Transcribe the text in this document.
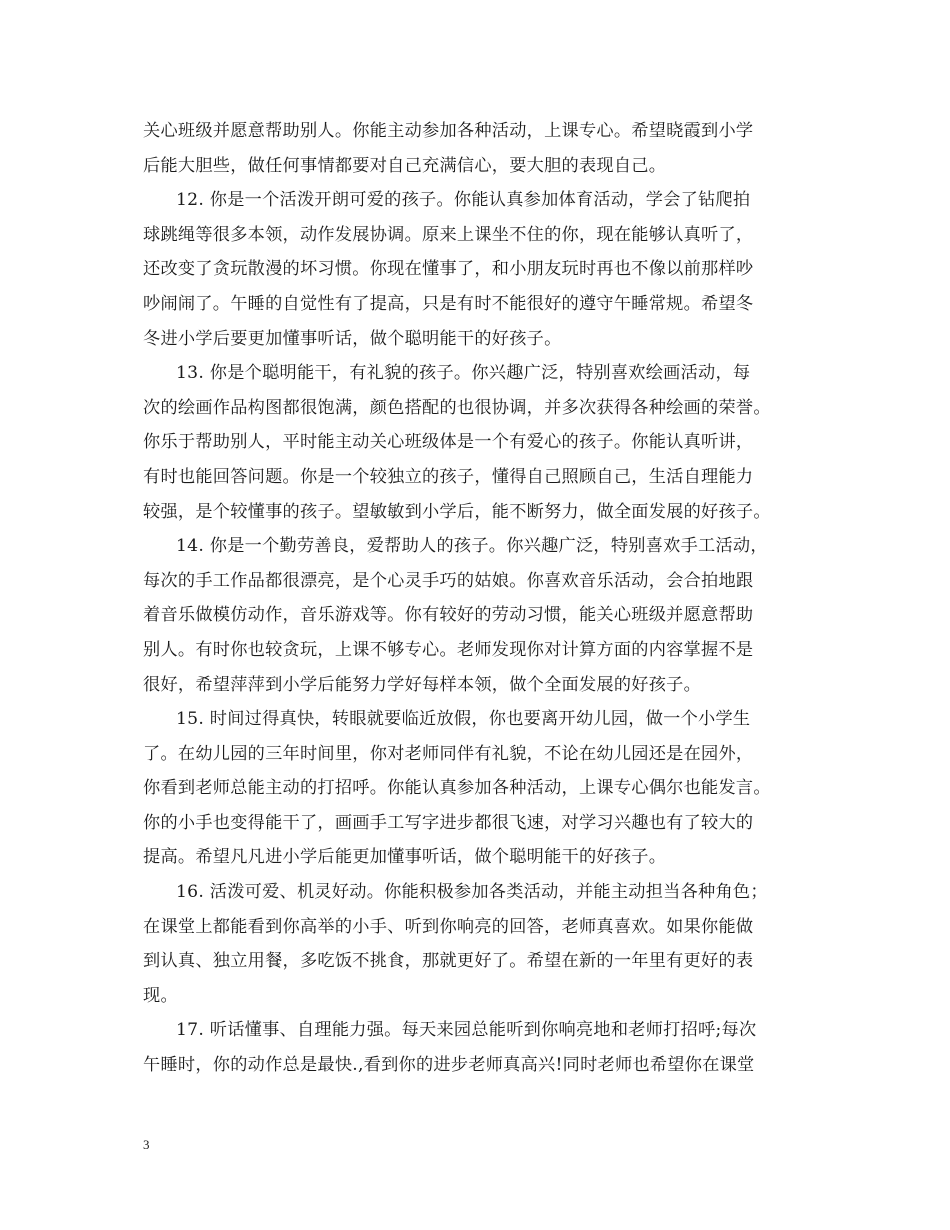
关心班级并愿意帮助别人。你能主动参加各种活动，上课专心。希望晓霞到小学
后能大胆些，做任何事情都要对自己充满信心，要大胆的表现自己。
12. 你是一个活泼开朗可爱的孩子。你能认真参加体育活动，学会了钻爬拍
球跳绳等很多本领，动作发展协调。原来上课坐不住的你，现在能够认真听了，
还改变了贪玩散漫的坏习惯。你现在懂事了，和小朋友玩时再也不像以前那样吵
吵闹闹了。午睡的自觉性有了提高，只是有时不能很好的遵守午睡常规。希望冬
冬进小学后要更加懂事听话，做个聪明能干的好孩子。
13. 你是个聪明能干，有礼貌的孩子。你兴趣广泛，特别喜欢绘画活动，每
次的绘画作品构图都很饱满，颜色搭配的也很协调，并多次获得各种绘画的荣誉。
你乐于帮助别人，平时能主动关心班级体是一个有爱心的孩子。你能认真听讲，
有时也能回答问题。你是一个较独立的孩子，懂得自己照顾自己，生活自理能力
较强，是个较懂事的孩子。望敏敏到小学后，能不断努力，做全面发展的好孩子。
14. 你是一个勤劳善良，爱帮助人的孩子。你兴趣广泛，特别喜欢手工活动，
每次的手工作品都很漂亮，是个心灵手巧的姑娘。你喜欢音乐活动，会合拍地跟
着音乐做模仿动作，音乐游戏等。你有较好的劳动习惯，能关心班级并愿意帮助
别人。有时你也较贪玩，上课不够专心。老师发现你对计算方面的内容掌握不是
很好，希望萍萍到小学后能努力学好每样本领，做个全面发展的好孩子。
15. 时间过得真快，转眼就要临近放假，你也要离开幼儿园，做一个小学生
了。在幼儿园的三年时间里，你对老师同伴有礼貌，不论在幼儿园还是在园外，
你看到老师总能主动的打招呼。你能认真参加各种活动，上课专心偶尔也能发言。
你的小手也变得能干了，画画手工写字进步都很飞速，对学习兴趣也有了较大的
提高。希望凡凡进小学后能更加懂事听话，做个聪明能干的好孩子。
16. 活泼可爱、机灵好动。你能积极参加各类活动，并能主动担当各种角色；
在课堂上都能看到你高举的小手、听到你响亮的回答，老师真喜欢。如果你能做
到认真、独立用餐，多吃饭不挑食，那就更好了。希望在新的一年里有更好的表
现。
17. 听话懂事、自理能力强。每天来园总能听到你响亮地和老师打招呼;每次
午睡时，你的动作总是最快.,看到你的进步老师真高兴!同时老师也希望你在课堂
3
